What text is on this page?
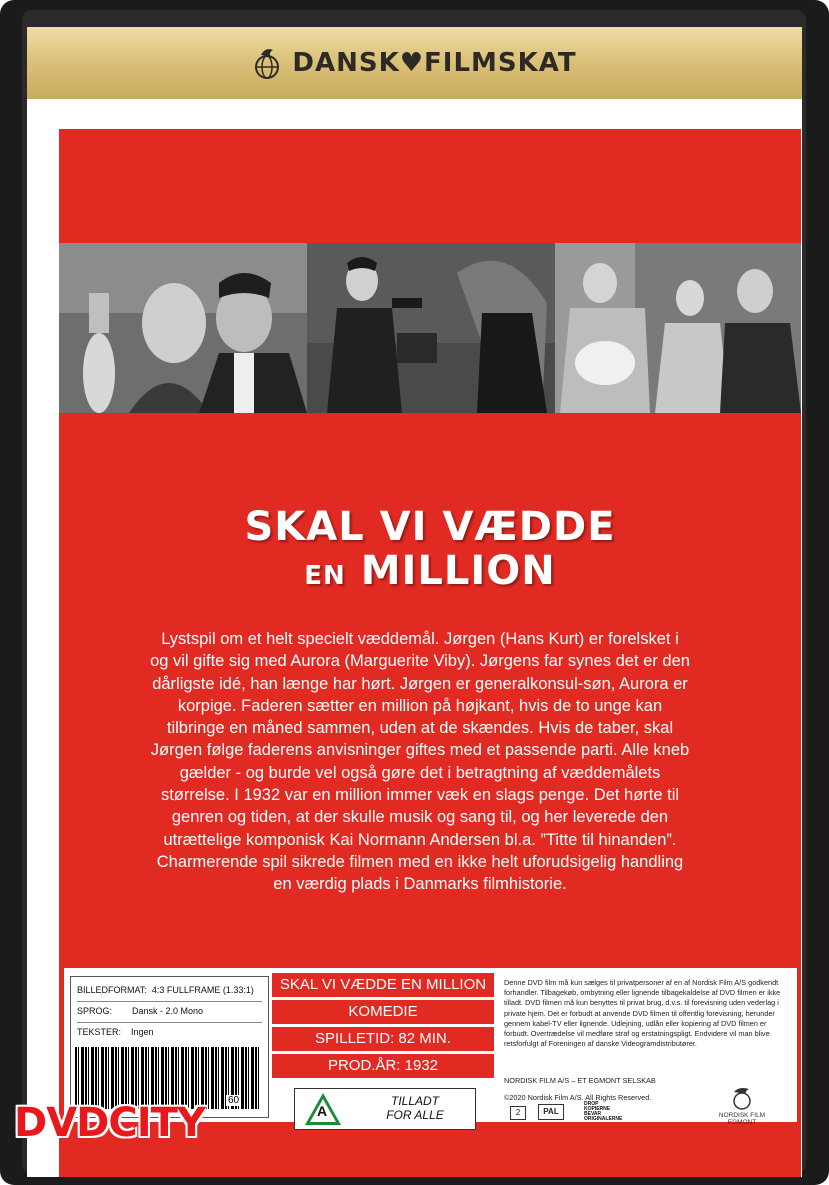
DANSK♥FILMSKAT
SKAL VI VÆDDE
EN MILLION
Lystspil om et helt specielt væddemål. Jørgen (Hans Kurt) er forelsket i og vil gifte sig med Aurora (Marguerite Viby). Jørgens far synes det er den dårligste idé, han længe har hørt. Jørgen er generalkonsul-søn, Aurora er korpige. Faderen sætter en million på højkant, hvis de to unge kan tilbringe en måned sammen, uden at de skændes. Hvis de taber, skal Jørgen følge faderens anvisninger giftes med et passende parti. Alle kneb gælder - og burde vel også gøre det i betragtning af væddemålets størrelse. I 1932 var en million immer væk en slags penge. Det hørte til genren og tiden, at der skulle musik og sang til, og her leverede den utrættelige komponisk Kai Normann Andersen bl.a. ”Titte til hinanden”. Charmerende spil sikrede filmen med en ikke helt uforudsigelig handling en værdig plads i Danmarks filmhistorie.
BILLEDFORMAT: 4:3 FULLFRAME (1.33:1)
SPROG: Dansk - 2.0 Mono
TEKSTER: Ingen
60
SKAL VI VÆDDE EN MILLION
KOMEDIE
SPILLETID: 82 MIN.
PROD.ÅR: 1932
A
TILLADT
FOR ALLE
Denne DVD film må kun sælges til privatpersoner af en af Nordisk Film A/S godkendt forhandler. Tilbagekøb, ombytning eller lignende tilbagekaldelse af DVD filmen er ikke tilladt. DVD filmen må kun benyttes til privat brug, d.v.s. til forevisning uden vederlag i private hjem. Det er forbudt at anvende DVD filmen til offentlig forevisning, herunder gennem kabel-TV eller lignende. Udlejning, udlån eller kopiering af DVD filmen er forbudt. Overtrædelse vil medføre straf og erstatningspligt. Endvidere vil man blive retsforfulgt af Foreningen af danske Videogramdistributører.
NORDISK FILM A/S – ET EGMONT SELSKAB
©2020 Nordisk Film A/S. All Rights Reserved.
2	PAL
DROP
KOPIERNE
BEVAR
ORIGINALERNE	NORDISK FILM
EGMONT
DVDCITY
